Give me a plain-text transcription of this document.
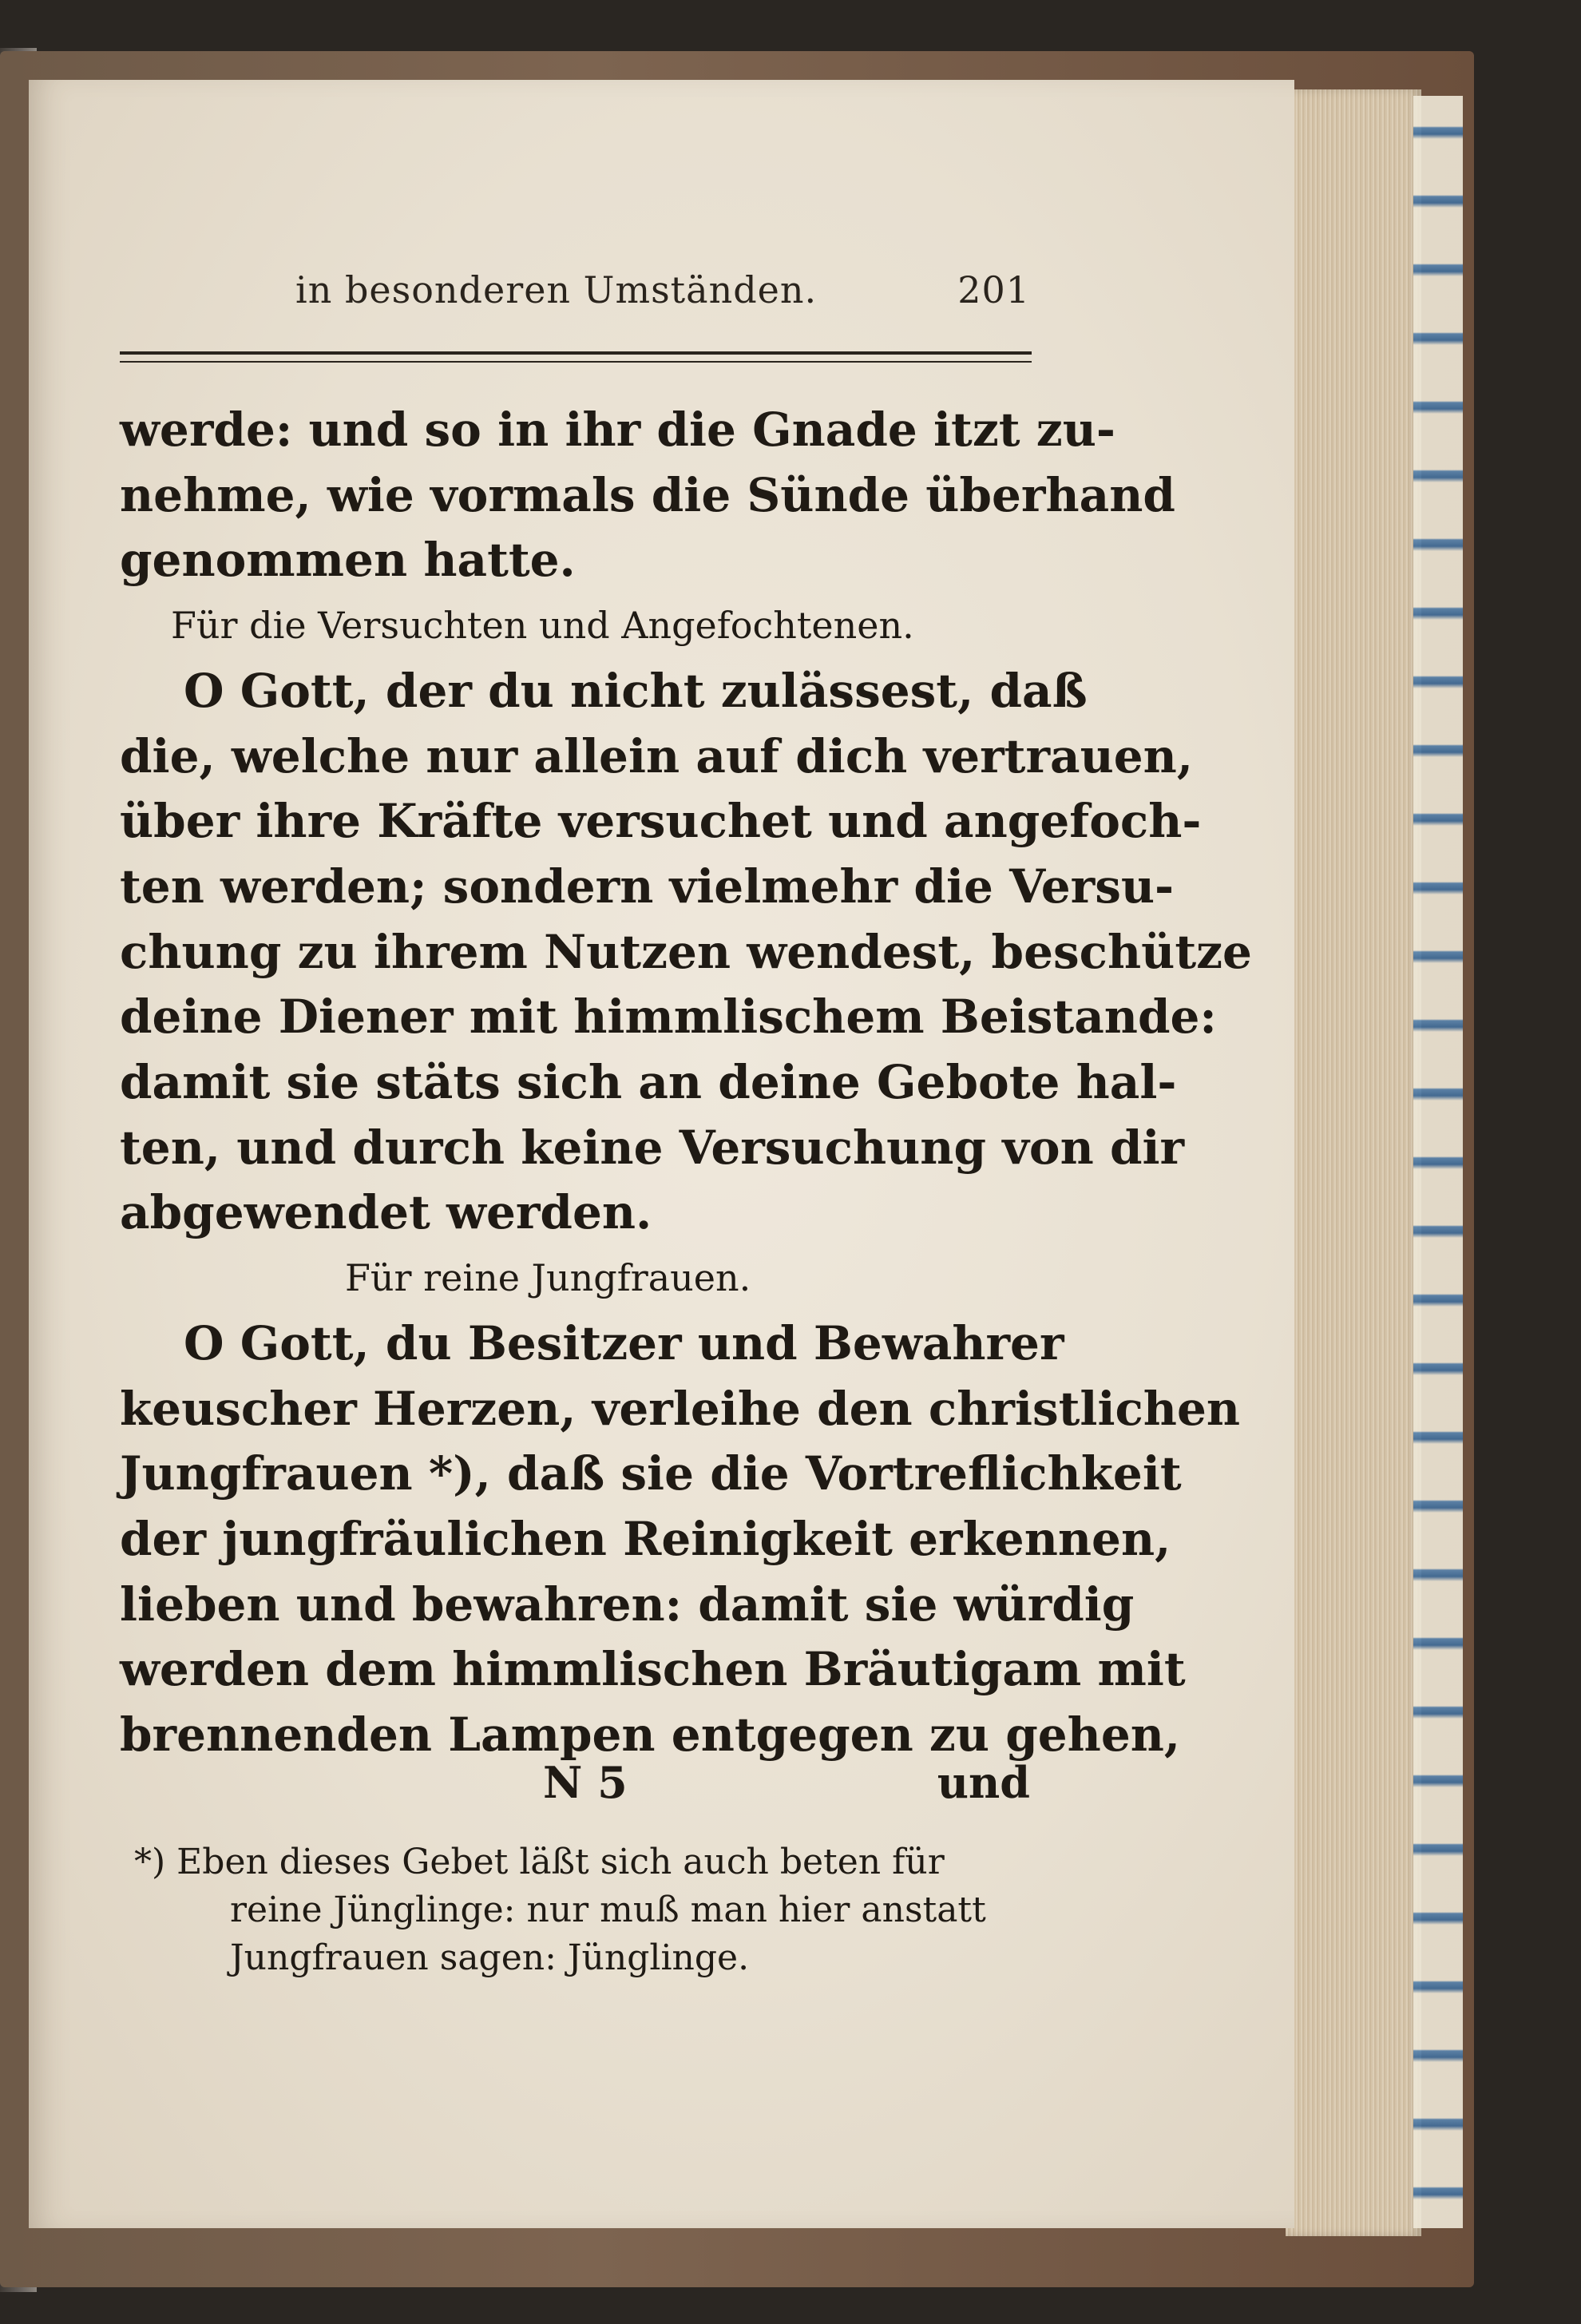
in besonderen Umständen.	201
werde: und so in ihr die Gnade itzt zu-
nehme, wie vormals die Sünde überhand
genommen hatte.
Für die Versuchten und Angefochtenen.
O Gott, der du nicht zulässest, daß
die, welche nur allein auf dich vertrauen,
über ihre Kräfte versuchet und angefoch-
ten werden; sondern vielmehr die Versu-
chung zu ihrem Nutzen wendest, beschütze
deine Diener mit himmlischem Beistande:
damit sie stäts sich an deine Gebote hal-
ten, und durch keine Versuchung von dir
abgewendet werden.
Für reine Jungfrauen.
O Gott, du Besitzer und Bewahrer
keuscher Herzen, verleihe den christlichen
Jungfrauen *), daß sie die Vortreflichkeit
der jungfräulichen Reinigkeit erkennen,
lieben und bewahren: damit sie würdig
werden dem himmlischen Bräutigam mit
brennenden Lampen entgegen zu gehen,
N 5	und
*) Eben dieses Gebet läßt sich auch beten für
reine Jünglinge: nur muß man hier anstatt
Jungfrauen sagen: Jünglinge.
